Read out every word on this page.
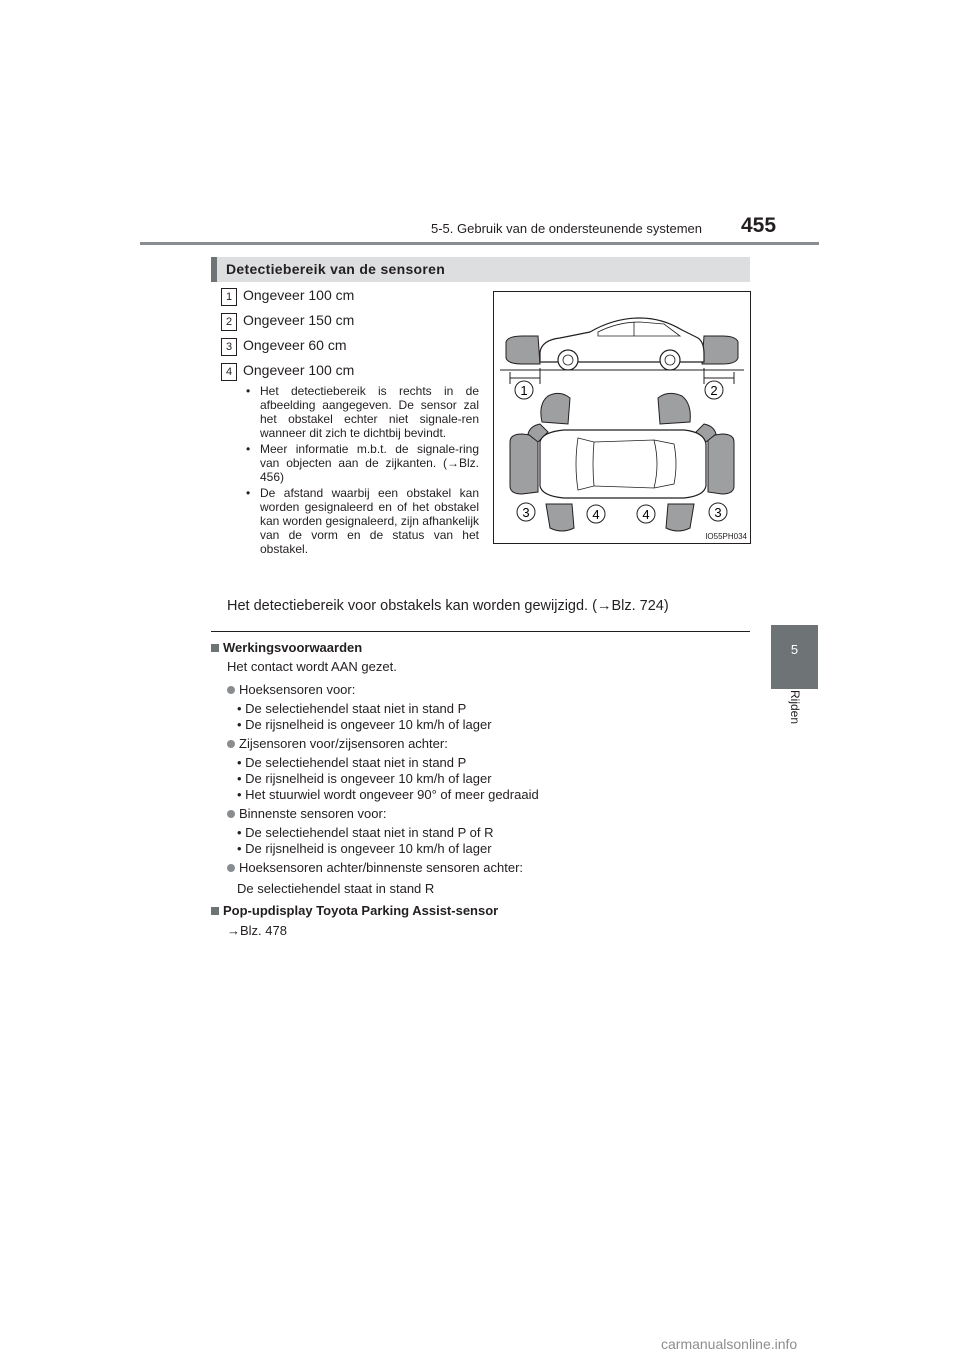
5-5. Gebruik van de ondersteunende systemen 455
5
Rijden
Detectiebereik van de sensoren
1 Ongeveer 100 cm
2 Ongeveer 150 cm
3 Ongeveer 60 cm
4 Ongeveer 100 cm
• Het detectiebereik is rechts in de afbeelding aangegeven. De sensor zal het obstakel echter niet signale-ren wanneer dit zich te dichtbij bevindt.
• Meer informatie m.b.t. de signale-ring van objecten aan de zijkanten. (→Blz. 456)
• De afstand waarbij een obstakel kan worden gesignaleerd en of het obstakel kan worden gesignaleerd, zijn afhankelijk van de vorm en de status van het obstakel.
1	2
3	4	4	3
IO55PH034
Het detectiebereik voor obstakels kan worden gewijzigd. (→Blz. 724)
Werkingsvoorwaarden
Het contact wordt AAN gezet.
Hoeksensoren voor:
• De selectiehendel staat niet in stand P
• De rijsnelheid is ongeveer 10 km/h of lager
Zijsensoren voor/zijsensoren achter:
• De selectiehendel staat niet in stand P
• De rijsnelheid is ongeveer 10 km/h of lager
• Het stuurwiel wordt ongeveer 90° of meer gedraaid
Binnenste sensoren voor:
• De selectiehendel staat niet in stand P of R
• De rijsnelheid is ongeveer 10 km/h of lager
Hoeksensoren achter/binnenste sensoren achter:
De selectiehendel staat in stand R
Pop-updisplay Toyota Parking Assist-sensor
→Blz. 478
carmanualsonline.info
